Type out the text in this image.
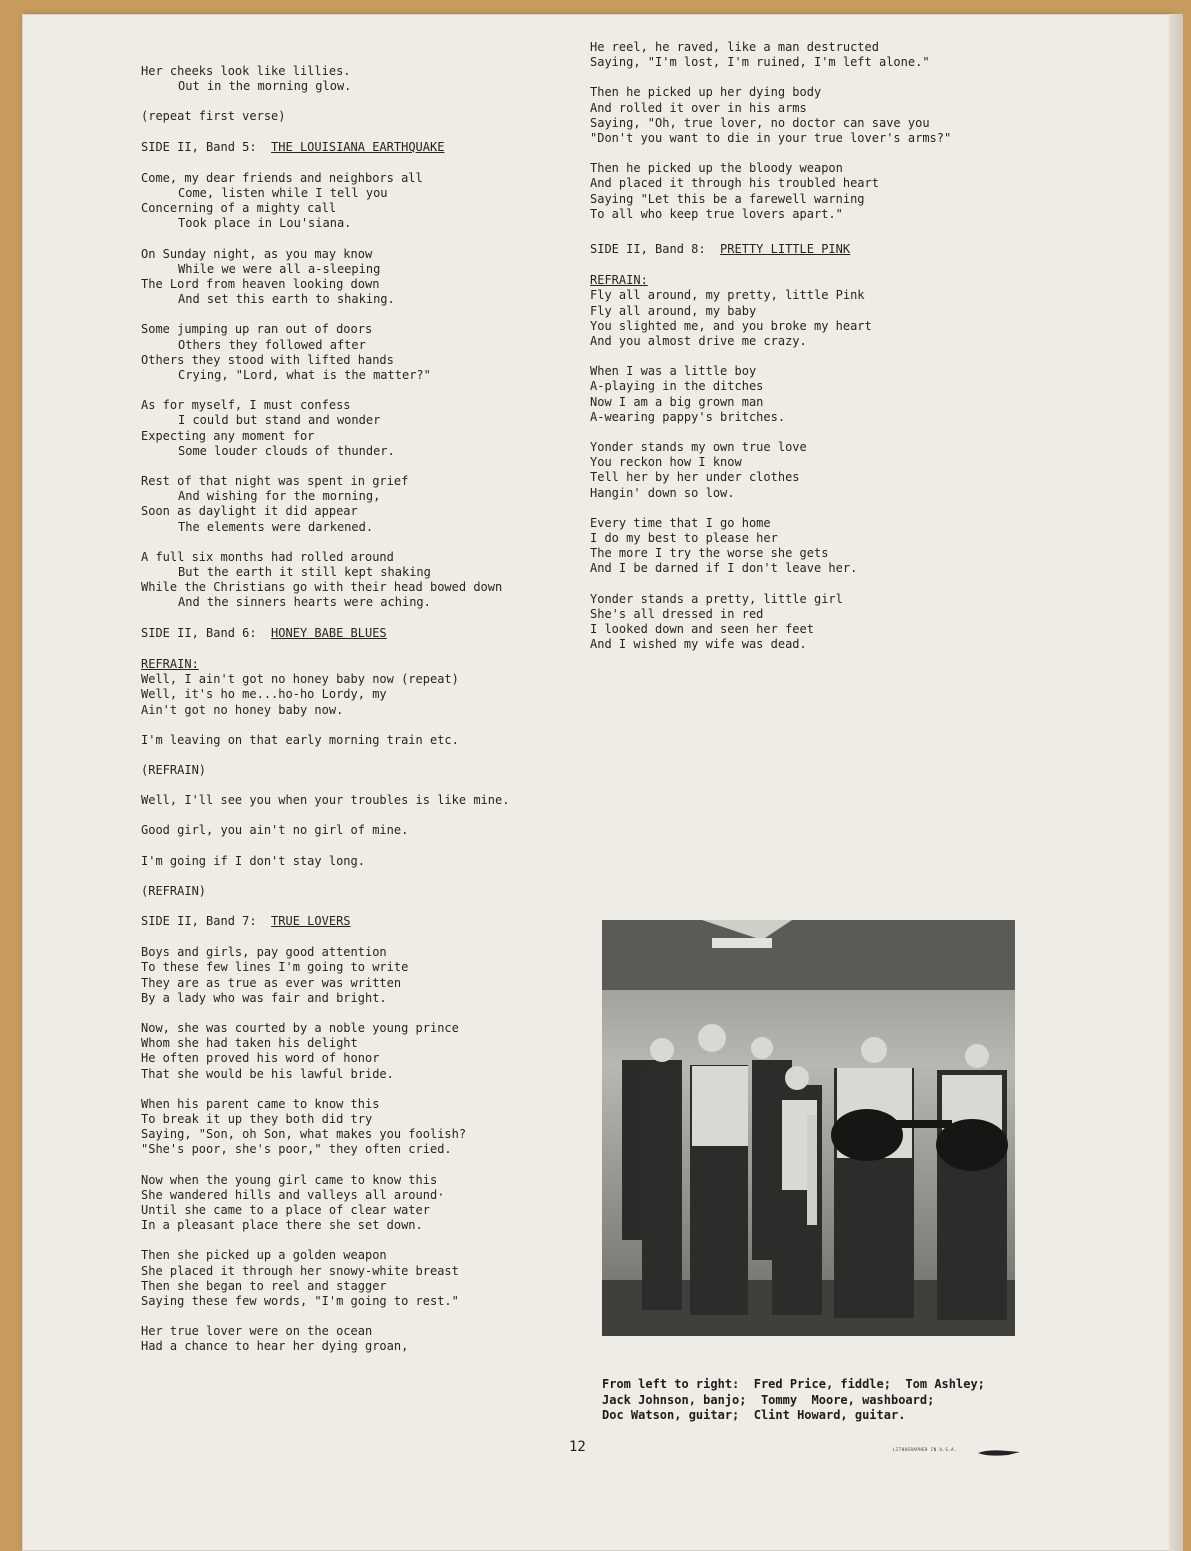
Her cheeks look like lillies.
Out in the morning glow.
(repeat first verse)
SIDE II, Band 5: THE LOUISIANA EARTHQUAKE
Come, my dear friends and neighbors all
Come, listen while I tell you
Concerning of a mighty call
Took place in Lou'siana.
On Sunday night, as you may know
While we were all a-sleeping
The Lord from heaven looking down
And set this earth to shaking.
Some jumping up ran out of doors
Others they followed after
Others they stood with lifted hands
Crying, "Lord, what is the matter?"
As for myself, I must confess
I could but stand and wonder
Expecting any moment for
Some louder clouds of thunder.
Rest of that night was spent in grief
And wishing for the morning,
Soon as daylight it did appear
The elements were darkened.
A full six months had rolled around
But the earth it still kept shaking
While the Christians go with their head bowed down
And the sinners hearts were aching.
SIDE II, Band 6: HONEY BABE BLUES
REFRAIN:
Well, I ain't got no honey baby now (repeat)
Well, it's ho me...ho-ho Lordy, my
Ain't got no honey baby now.
I'm leaving on that early morning train etc.
(REFRAIN)
Well, I'll see you when your troubles is like mine.
Good girl, you ain't no girl of mine.
I'm going if I don't stay long.
(REFRAIN)
SIDE II, Band 7: TRUE LOVERS
Boys and girls, pay good attention
To these few lines I'm going to write
They are as true as ever was written
By a lady who was fair and bright.
Now, she was courted by a noble young prince
Whom she had taken his delight
He often proved his word of honor
That she would be his lawful bride.
When his parent came to know this
To break it up they both did try
Saying, "Son, oh Son, what makes you foolish?
"She's poor, she's poor," they often cried.
Now when the young girl came to know this
She wandered hills and valleys all around·
Until she came to a place of clear water
In a pleasant place there she set down.
Then she picked up a golden weapon
She placed it through her snowy-white breast
Then she began to reel and stagger
Saying these few words, "I'm going to rest."
Her true lover were on the ocean
Had a chance to hear her dying groan,
He reel, he raved, like a man destructed
Saying, "I'm lost, I'm ruined, I'm left alone."
Then he picked up her dying body
And rolled it over in his arms
Saying, "Oh, true lover, no doctor can save you
"Don't you want to die in your true lover's arms?"
Then he picked up the bloody weapon
And placed it through his troubled heart
Saying "Let this be a farewell warning
To all who keep true lovers apart."
SIDE II, Band 8: PRETTY LITTLE PINK
REFRAIN:
Fly all around, my pretty, little Pink
Fly all around, my baby
You slighted me, and you broke my heart
And you almost drive me crazy.
When I was a little boy
A-playing in the ditches
Now I am a big grown man
A-wearing pappy's britches.
Yonder stands my own true love
You reckon how I know
Tell her by her under clothes
Hangin' down so low.
Every time that I go home
I do my best to please her
The more I try the worse she gets
And I be darned if I don't leave her.
Yonder stands a pretty, little girl
She's all dressed in red
I looked down and seen her feet
And I wished my wife was dead.
From left to right:  Fred Price, fiddle;  Tom Ashley;
Jack Johnson, banjo;  Tommy  Moore, washboard;
Doc Watson, guitar;  Clint Howard, guitar.
12	LITHOGRAPHED IN U.S.A.
